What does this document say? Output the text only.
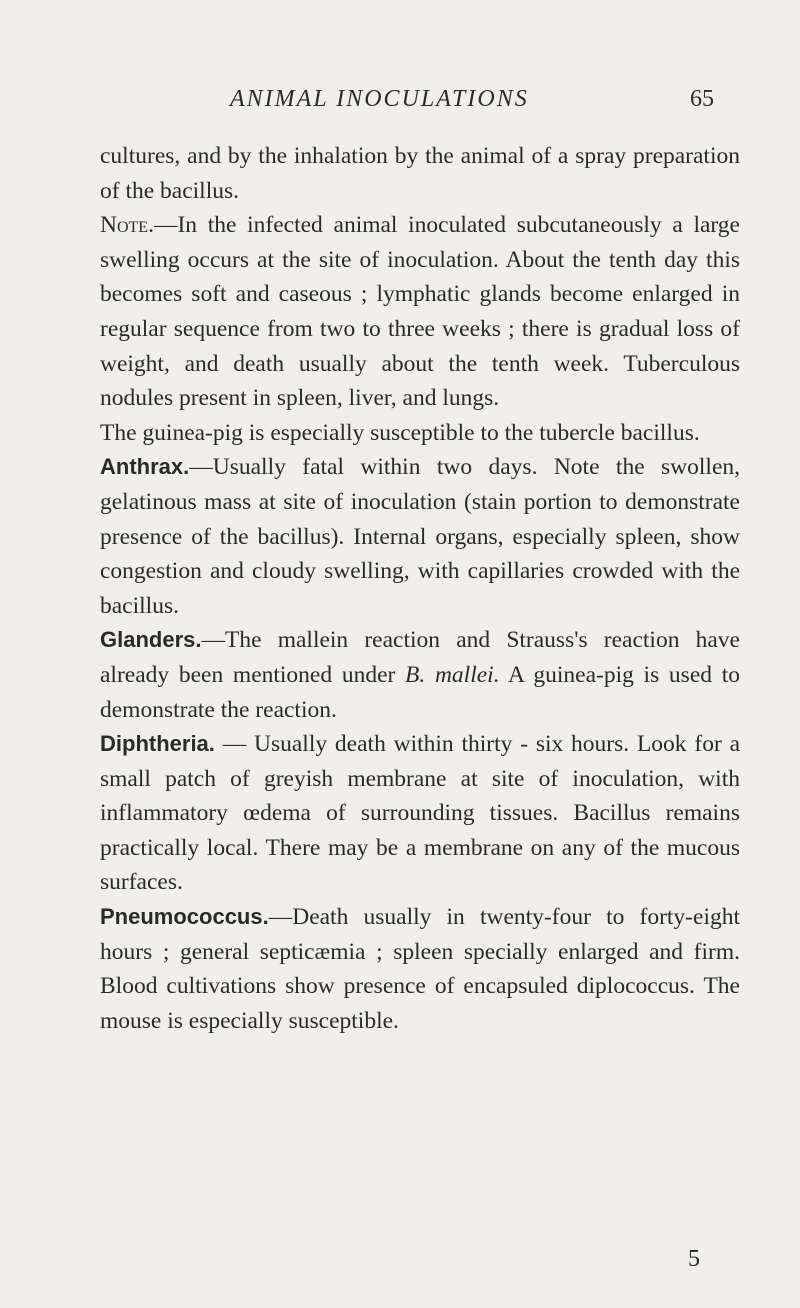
ANIMAL INOCULATIONS	65

cultures, and by the inhalation by the animal of a spray preparation of the bacillus.

Note.—In the infected animal inoculated subcutaneously a large swelling occurs at the site of inoculation. About the tenth day this becomes soft and caseous ; lymphatic glands become enlarged in regular sequence from two to three weeks ; there is gradual loss of weight, and death usually about the tenth week. Tuberculous nodules present in spleen, liver, and lungs.

The guinea-pig is especially susceptible to the tubercle bacillus.

Anthrax.—Usually fatal within two days. Note the swollen, gelatinous mass at site of inoculation (stain portion to demonstrate presence of the bacillus). Internal organs, especially spleen, show congestion and cloudy swelling, with capillaries crowded with the bacillus.

Glanders.—The mallein reaction and Strauss's reaction have already been mentioned under B. mallei. A guinea-pig is used to demonstrate the reaction.

Diphtheria. — Usually death within thirty - six hours. Look for a small patch of greyish membrane at site of inoculation, with inflammatory œdema of surrounding tissues. Bacillus remains practically local. There may be a membrane on any of the mucous surfaces.

Pneumococcus.—Death usually in twenty-four to forty-eight hours ; general septicæmia ; spleen specially enlarged and firm. Blood cultivations show presence of encapsuled diplococcus. The mouse is especially susceptible.

5
